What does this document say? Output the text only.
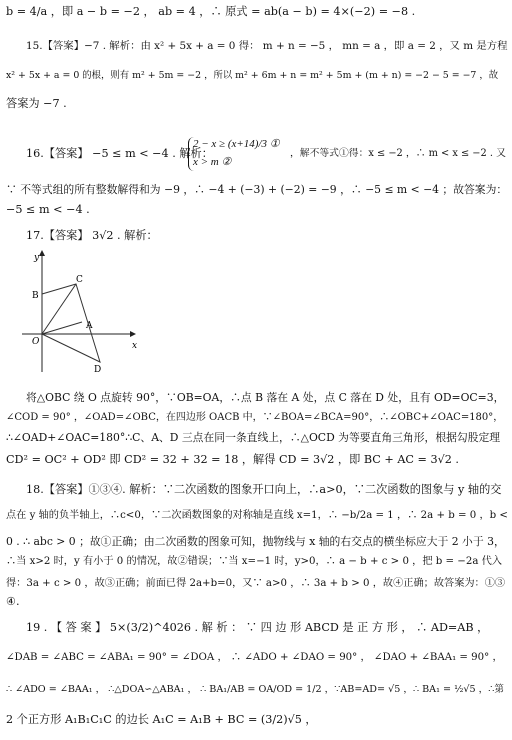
b = 4/a ，即 a − b = −2 ， ab = 4 ，∴ 原式 = ab(a − b) = 4×(−2) = −8 .
15.【答案】−7 . 解析：由 x² + 5x + a = 0 得： m + n = −5 ， mn = a ，即 a = 2 ，又 m 是方程
x² + 5x + a = 0 的根，则有 m² + 5m = −2 ，所以 m² + 6m + n = m² + 5m + (m + n) = −2 − 5 = −7 ，故
答案为 −7 .
16.【答案】 −5 ≤ m < −4 . 解析：
2 − x ≥ (x+14)/3 ①
x > m ②
，解不等式①得：x ≤ −2 ，∴ m < x ≤ −2 . 又
∵ 不等式组的所有整数解得和为 −9 ，∴ −4 + (−3) + (−2) = −9 ，∴ −5 ≤ m < −4 ；故答案为：
−5 ≤ m < −4 .
17.【答案】 3√2 . 解析：
y
x
O
B
C
A
D
将△OBC 绕 O 点旋转 90°，∵OB=OA，∴点 B 落在 A 处，点 C 落在 D 处，且有 OD=OC=3，
∠COD = 90° ，∠OAD=∠OBC，在四边形 OACB 中，∵∠BOA=∠BCA=90°，∴∠OBC+∠OAC=180°，
∴∠OAD+∠OAC=180°∴C、A、D 三点在同一条直线上，∴△OCD 为等要直角三角形，根据勾股定理
CD² = OC² + OD² 即 CD² = 32 + 32 = 18 ，解得 CD = 3√2 ，即 BC + AC = 3√2 .
18.【答案】①③④. 解析：∵二次函数的图象开口向上，∴a>0，∵二次函数的图象与 y 轴的交
点在 y 轴的负半轴上，∴c<0，∵二次函数图象的对称轴是直线 x=1，∴ −b/2a = 1 ，∴ 2a + b = 0 ，b <
0 . ∴ abc > 0 ；故①正确；由二次函数的图象可知，抛物线与 x 轴的右交点的横坐标应大于 2 小于 3，
∴当 x>2 时，y 有小于 0 的情况，故②错误；∵当 x=−1 时，y>0，∴ a − b + c > 0 ，把 b = −2a 代入
得：3a + c > 0 ，故③正确；前面已得 2a+b=0，又∵ a>0 ，∴ 3a + b > 0 ，故④正确；故答案为：①③
④.
19 . 【 答 案 】 5×(3/2)^4026 . 解 析 ： ∵ 四 边 形 ABCD 是 正 方 形 ， ∴ AD=AB ，
∠DAB = ∠ABC = ∠ABA₁ = 90° = ∠DOA ， ∴ ∠ADO + ∠DAO = 90° ， ∠DAO + ∠BAA₁ = 90° ，
∴ ∠ADO = ∠BAA₁ ， ∴△DOA∽△ABA₁ ， ∴ BA₁/AB = OA/OD = 1/2 ，∵AB=AD= √5 ，∴ BA₁ = ½√5 ，∴第
2 个正方形 A₁B₁C₁C 的边长 A₁C = A₁B + BC = (3/2)√5 ，
